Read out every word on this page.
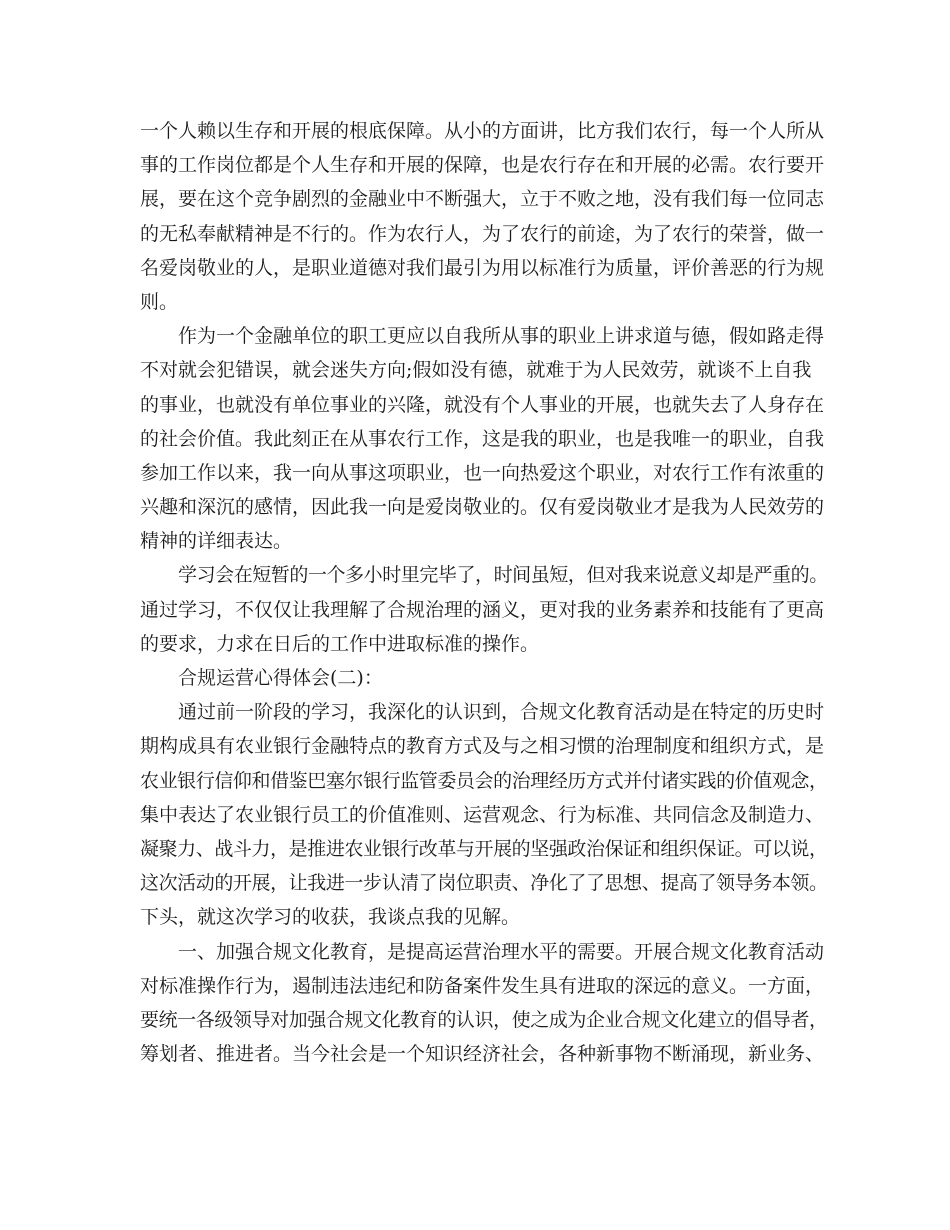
一个人赖以生存和开展的根底保障。从小的方面讲，比方我们农行，每一个人所从
事的工作岗位都是个人生存和开展的保障，也是农行存在和开展的必需。农行要开
展，要在这个竞争剧烈的金融业中不断强大，立于不败之地，没有我们每一位同志
的无私奉献精神是不行的。作为农行人，为了农行的前途，为了农行的荣誉，做一
名爱岗敬业的人，是职业道德对我们最引为用以标准行为质量，评价善恶的行为规
则。
作为一个金融单位的职工更应以自我所从事的职业上讲求道与德，假如路走得
不对就会犯错误，就会迷失方向;假如没有德，就难于为人民效劳，就谈不上自我
的事业，也就没有单位事业的兴隆，就没有个人事业的开展，也就失去了人身存在
的社会价值。我此刻正在从事农行工作，这是我的职业，也是我唯一的职业，自我
参加工作以来，我一向从事这项职业，也一向热爱这个职业，对农行工作有浓重的
兴趣和深沉的感情，因此我一向是爱岗敬业的。仅有爱岗敬业才是我为人民效劳的
精神的详细表达。
学习会在短暂的一个多小时里完毕了，时间虽短，但对我来说意义却是严重的。
通过学习，不仅仅让我理解了合规治理的涵义，更对我的业务素养和技能有了更高
的要求，力求在日后的工作中进取标准的操作。
合规运营心得体会(二)：
通过前一阶段的学习，我深化的认识到，合规文化教育活动是在特定的历史时
期构成具有农业银行金融特点的教育方式及与之相习惯的治理制度和组织方式，是
农业银行信仰和借鉴巴塞尔银行监管委员会的治理经历方式并付诸实践的价值观念，
集中表达了农业银行员工的价值准则、运营观念、行为标准、共同信念及制造力、
凝聚力、战斗力，是推进农业银行改革与开展的坚强政治保证和组织保证。可以说，
这次活动的开展，让我进一步认清了岗位职责、净化了了思想、提高了领导务本领。
下头，就这次学习的收获，我谈点我的见解。
一、加强合规文化教育，是提高运营治理水平的需要。开展合规文化教育活动
对标准操作行为，遏制违法违纪和防备案件发生具有进取的深远的意义。一方面，
要统一各级领导对加强合规文化教育的认识，使之成为企业合规文化建立的倡导者，
筹划者、推进者。当今社会是一个知识经济社会，各种新事物不断涌现，新业务、
